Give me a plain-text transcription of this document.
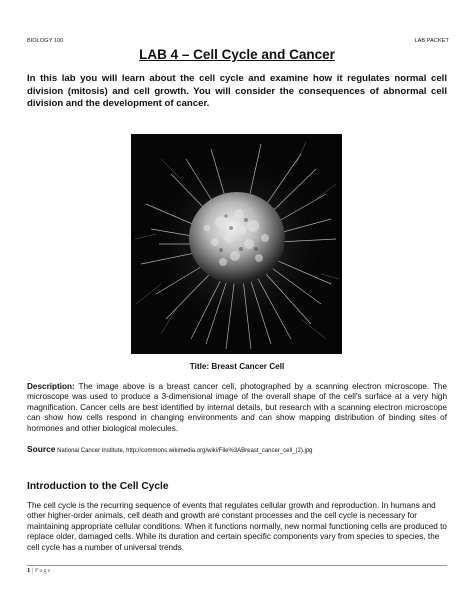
BIOLOGY 100	LAB PACKET
LAB 4 – Cell Cycle and Cancer
In this lab you will learn about the cell cycle and examine how it regulates normal cell division (mitosis) and cell growth. You will consider the consequences of abnormal cell division and the development of cancer.
Title: Breast Cancer Cell
Description: The image above is a breast cancer cell, photographed by a scanning electron microscope. The microscope was used to produce a 3-dimensional image of the overall shape of the cell's surface at a very high magnification. Cancer cells are best identified by internal details, but research with a scanning electron microscope can show how cells respond in changing environments and can show mapping distribution of binding sites of hormones and other biological molecules.
Source National Cancer Institute, http://commons.wikimedia.org/wiki/File%3ABreast_cancer_cell_(2).jpg
Introduction to the Cell Cycle
The cell cycle is the recurring sequence of events that regulates cellular growth and reproduction. In humans and other higher-order animals, cell death and growth are constant processes and the cell cycle is necessary for maintaining appropriate cellular conditions. When it functions normally, new normal functioning cells are produced to replace older, damaged cells. While its duration and certain specific components vary from species to species, the cell cycle has a number of universal trends.
1 | Page
